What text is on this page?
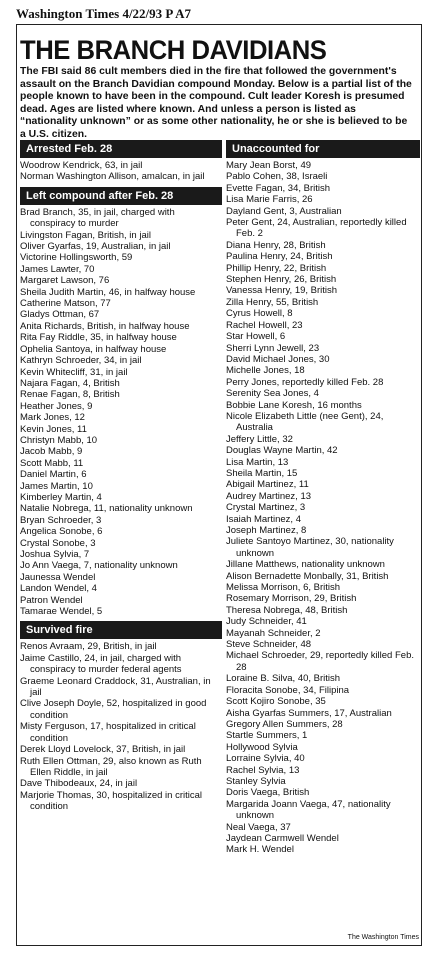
Washington Times 4/22/93 P A7
THE BRANCH DAVIDIANS
The FBI said 86 cult members died in the fire that followed the government's assault on the Branch Davidian compound Monday. Below is a partial list of the people known to have been in the compound. Cult leader Koresh is presumed dead. Ages are listed where known. And unless a person is listed as “nationality unknown” or as some other nationality, he or she is believed to be a U.S. citizen.
Arrested Feb. 28
Woodrow Kendrick, 63, in jail
Norman Washington Allison, amalcan, in jail
Left compound after Feb. 28
Brad Branch, 35, in jail, charged with conspiracy to murder
Livingston Fagan, British, in jail
Oliver Gyarfas, 19, Australian, in jail
Victorine Hollingsworth, 59
James Lawter, 70
Margaret Lawson, 76
Sheila Judith Martin, 46, in halfway house
Catherine Matson, 77
Gladys Ottman, 67
Anita Richards, British, in halfway house
Rita Fay Riddle, 35, in halfway house
Ophelia Santoya, in halfway house
Kathryn Schroeder, 34, in jail
Kevin Whitecliff, 31, in jail
Najara Fagan, 4, British
Renae Fagan, 8, British
Heather Jones, 9
Mark Jones, 12
Kevin Jones, 11
Christyn Mabb, 10
Jacob Mabb, 9
Scott Mabb, 11
Daniel Martin, 6
James Martin, 10
Kimberley Martin, 4
Natalie Nobrega, 11, nationality unknown
Bryan Schroeder, 3
Angelica Sonobe, 6
Crystal Sonobe, 3
Joshua Sylvia, 7
Jo Ann Vaega, 7, nationality unknown
Jaunessa Wendel
Landon Wendel, 4
Patron Wendel
Tamarae Wendel, 5
Survived fire
Renos Avraam, 29, British, in jail
Jaime Castillo, 24, in jail, charged with conspiracy to murder federal agents
Graeme Leonard Craddock, 31, Australian, in jail
Clive Joseph Doyle, 52, hospitalized in good condition
Misty Ferguson, 17, hospitalized in critical condition
Derek Lloyd Lovelock, 37, British, in jail
Ruth Ellen Ottman, 29, also known as Ruth Ellen Riddle, in jail
Dave Thibodeaux, 24, in jail
Marjorie Thomas, 30, hospitalized in critical condition
Unaccounted for
Mary Jean Borst, 49
Pablo Cohen, 38, Israeli
Evette Fagan, 34, British
Lisa Marie Farris, 26
Dayland Gent, 3, Australian
Peter Gent, 24, Australian, reportedly killed Feb. 2
Diana Henry, 28, British
Paulina Henry, 24, British
Phillip Henry, 22, British
Stephen Henry, 26, British
Vanessa Henry, 19, British
Zilla Henry, 55, British
Cyrus Howell, 8
Rachel Howell, 23
Star Howell, 6
Sherri Lynn Jewell, 23
David Michael Jones, 30
Michelle Jones, 18
Perry Jones, reportedly killed Feb. 28
Serenity Sea Jones, 4
Bobbie Lane Koresh, 16 months
Nicole Elizabeth Little (nee Gent), 24, Australia
Jeffery Little, 32
Douglas Wayne Martin, 42
Lisa Martin, 13
Sheila Martin, 15
Abigail Martinez, 11
Audrey Martinez, 13
Crystal Martinez, 3
Isaiah Martinez, 4
Joseph Martinez, 8
Juliete Santoyo Martinez, 30, nationality unknown
Jillane Matthews, nationality unknown
Alison Bernadette Monbally, 31, British
Melissa Morrison, 6, British
Rosemary Morrison, 29, British
Theresa Nobrega, 48, British
Judy Schneider, 41
Mayanah Schneider, 2
Steve Schneider, 48
Michael Schroeder, 29, reportedly killed Feb. 28
Loraine B. Silva, 40, British
Floracita Sonobe, 34, Filipina
Scott Kojiro Sonobe, 35
Aisha Gyarfas Summers, 17, Australian
Gregory Allen Summers, 28
Startle Summers, 1
Hollywood Sylvia
Lorraine Sylvia, 40
Rachel Sylvia, 13
Stanley Sylvia
Doris Vaega, British
Margarida Joann Vaega, 47, nationality unknown
Neal Vaega, 37
Jaydean Carmwell Wendel
Mark H. Wendel
The Washington Times
